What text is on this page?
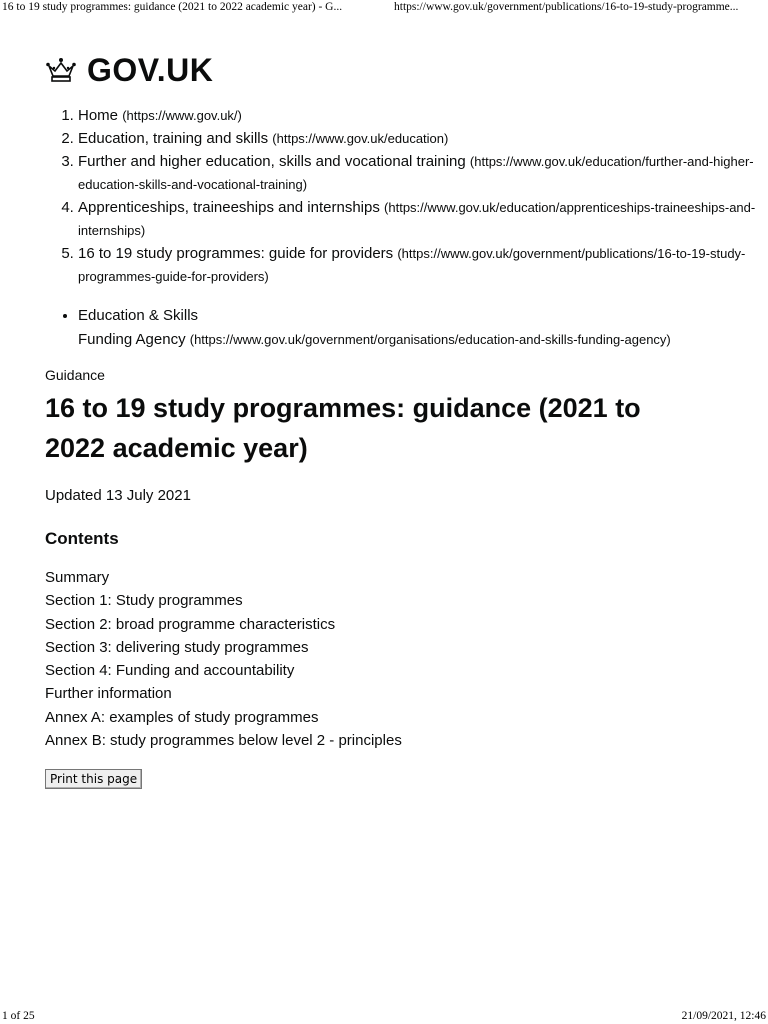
16 to 19 study programmes: guidance (2021 to 2022 academic year) - G...	https://www.gov.uk/government/publications/16-to-19-study-programme...
GOV.UK
1. Home (https://www.gov.uk/)
2. Education, training and skills (https://www.gov.uk/education)
3. Further and higher education, skills and vocational training (https://www.gov.uk/education/further-and-higher-education-skills-and-vocational-training)
4. Apprenticeships, traineeships and internships (https://www.gov.uk/education/apprenticeships-traineeships-and-internships)
5. 16 to 19 study programmes: guide for providers (https://www.gov.uk/government/publications/16-to-19-study-programmes-guide-for-providers)
• Education & Skills
Funding Agency (https://www.gov.uk/government/organisations/education-and-skills-funding-agency)
Guidance
16 to 19 study programmes: guidance (2021 to 2022 academic year)
Updated 13 July 2021
Contents
Summary
Section 1: Study programmes
Section 2: broad programme characteristics
Section 3: delivering study programmes
Section 4: Funding and accountability
Further information
Annex A: examples of study programmes
Annex B: study programmes below level 2 - principles
Print this page
1 of 25	21/09/2021, 12:46
